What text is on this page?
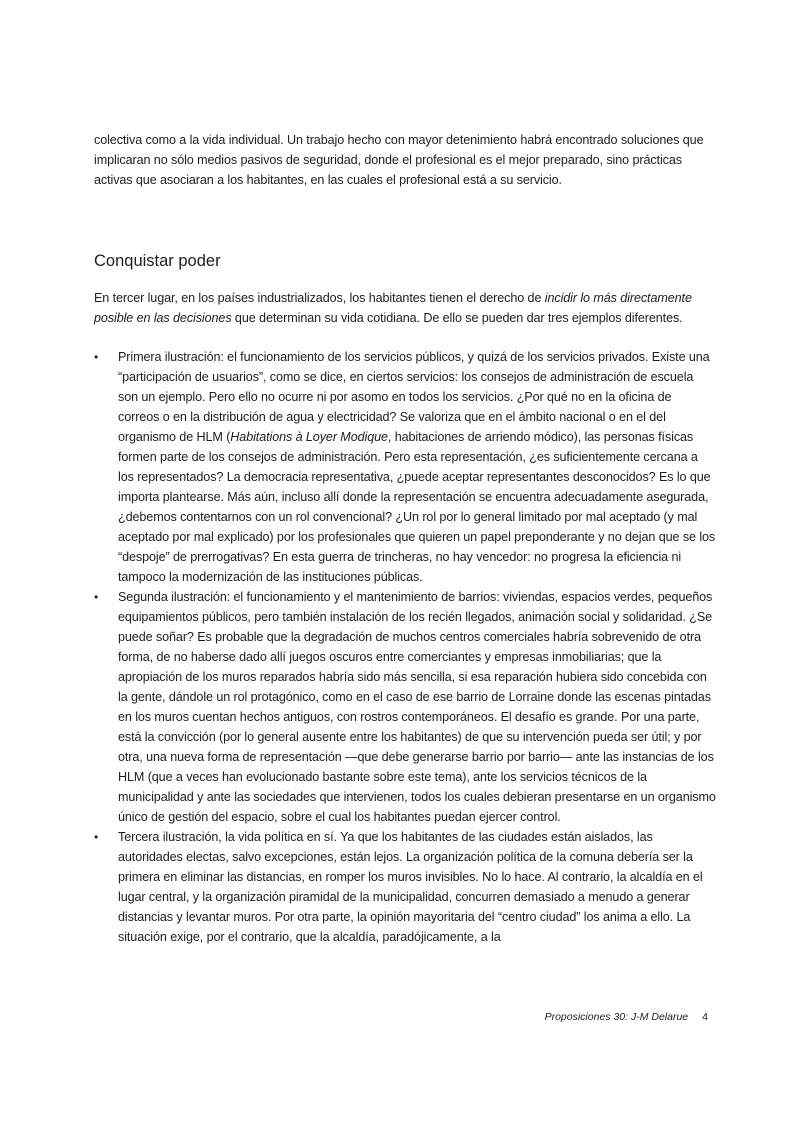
colectiva como a la vida individual. Un trabajo hecho con mayor detenimiento habrá encontrado soluciones que implicaran no sólo medios pasivos de seguridad, donde el profesional es el mejor preparado, sino prácticas activas que asociaran a los habitantes, en las cuales el profesional está a su servicio.

Conquistar poder

En tercer lugar, en los países industrializados, los habitantes tienen el derecho de incidir lo más directamente posible en las decisiones que determinan su vida cotidiana. De ello se pueden dar tres ejemplos diferentes.

•	Primera ilustración: el funcionamiento de los servicios públicos, y quizá de los servicios privados. Existe una “participación de usuarios”, como se dice, en ciertos servicios: los consejos de administración de escuela son un ejemplo. Pero ello no ocurre ni por asomo en todos los servicios. ¿Por qué no en la oficina de correos o en la distribución de agua y electricidad? Se valoriza que en el ámbito nacional o en el del organismo de HLM (Habitations à Loyer Modique, habitaciones de arriendo módico), las personas físicas formen parte de los consejos de administración. Pero esta representación, ¿es suficientemente cercana a los representados? La democracia representativa, ¿puede aceptar representantes desconocidos? Es lo que importa plantearse. Más aún, incluso allí donde la representación se encuentra adecuadamente asegurada, ¿debemos contentarnos con un rol convencional? ¿Un rol por lo general limitado por mal aceptado (y mal aceptado por mal explicado) por los profesionales que quieren un papel preponderante y no dejan que se los “despoje” de prerrogativas? En esta guerra de trincheras, no hay vencedor: no progresa la eficiencia ni tampoco la modernización de las instituciones públicas.
•	Segunda ilustración: el funcionamiento y el mantenimiento de barrios: viviendas, espacios verdes, pequeños equipamientos públicos, pero también instalación de los recién llegados, animación social y solidaridad. ¿Se puede soñar? Es probable que la degradación de muchos centros comerciales habría sobrevenido de otra forma, de no haberse dado allí juegos oscuros entre comerciantes y empresas inmobiliarias; que la apropiación de los muros reparados habría sido más sencilla, si esa reparación hubiera sido concebida con la gente, dándole un rol protagónico, como en el caso de ese barrio de Lorraine donde las escenas pintadas en los muros cuentan hechos antiguos, con rostros contemporáneos. El desafío es grande. Por una parte, está la convicción (por lo general ausente entre los habitantes) de que su intervención pueda ser útil; y por otra, una nueva forma de representación —que debe generarse barrio por barrio— ante las instancias de los HLM (que a veces han evolucionado bastante sobre este tema), ante los servicios técnicos de la municipalidad y ante las sociedades que intervienen, todos los cuales debieran presentarse en un organismo único de gestión del espacio, sobre el cual los habitantes puedan ejercer control.
•	Tercera ilustración, la vida política en sí. Ya que los habitantes de las ciudades están aislados, las autoridades electas, salvo excepciones, están lejos. La organización política de la comuna debería ser la primera en eliminar las distancias, en romper los muros invisibles. No lo hace. Al contrario, la alcaldía en el lugar central, y la organización piramidal de la municipalidad, concurren demasiado a menudo a generar distancias y levantar muros. Por otra parte, la opinión mayoritaria del “centro ciudad” los anima a ello. La situación exige, por el contrario, que la alcaldía, paradójicamente, a la
Proposiciones 30: J-M Delarue 4
